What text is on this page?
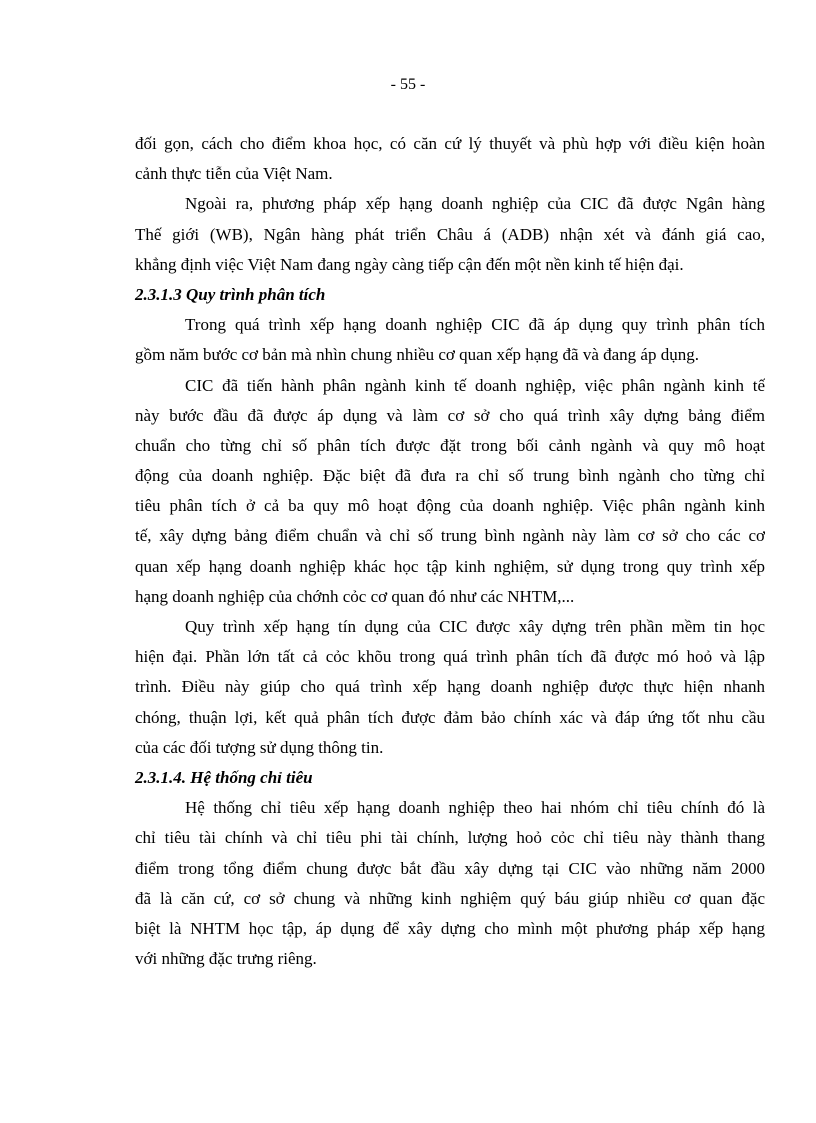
- 55 -
đối gọn, cách cho điểm khoa học, có căn cứ lý thuyết và phù hợp với điều kiện hoàn
cảnh thực tiễn của Việt Nam.
Ngoài ra, phương pháp xếp hạng doanh nghiệp của CIC đã được Ngân hàng
Thế giới (WB), Ngân hàng phát triển Châu á (ADB) nhận xét và đánh giá cao,
khẳng định việc Việt Nam đang ngày càng tiếp cận đến một nền kinh tế hiện đại.
2.3.1.3 Quy trình phân tích
Trong quá trình xếp hạng doanh nghiệp CIC đã áp dụng quy trình phân tích
gồm năm bước cơ bản mà nhìn chung nhiều cơ quan xếp hạng đã và đang áp dụng.
CIC đã tiến hành phân ngành kinh tế doanh nghiệp, việc phân ngành kinh tế
này bước đầu đã được áp dụng và làm cơ sở cho quá trình xây dựng bảng điểm
chuẩn cho từng chỉ số phân tích được đặt trong bối cảnh ngành và quy mô hoạt
động của doanh nghiệp. Đặc biệt đã đưa ra chỉ số trung bình ngành cho từng chỉ
tiêu phân tích ở cả ba quy mô hoạt động của doanh nghiệp. Việc phân ngành kinh
tế, xây dựng bảng điểm chuẩn và chỉ số trung bình ngành này làm cơ sở cho các cơ
quan xếp hạng doanh nghiệp khác học tập kinh nghiệm, sử dụng trong quy trình xếp
hạng doanh nghiệp của chớnh cỏc cơ quan đó như các NHTM,...
Quy trình xếp hạng tín dụng của CIC được xây dựng trên phần mềm tin học
hiện đại. Phần lớn tất cả cỏc khõu trong quá trình phân tích đã được mó hoỏ và lập
trình. Điều này giúp cho quá trình xếp hạng doanh nghiệp được thực hiện nhanh
chóng, thuận lợi, kết quả phân tích được đảm bảo chính xác và đáp ứng tốt nhu cầu
của các đối tượng sử dụng thông tin.
2.3.1.4. Hệ thống chỉ tiêu
Hệ thống chỉ tiêu xếp hạng doanh nghiệp theo hai nhóm chỉ tiêu chính đó là
chỉ tiêu tài chính và chỉ tiêu phi tài chính, lượng hoỏ cỏc chỉ tiêu này thành thang
điểm trong tổng điểm chung được bắt đầu xây dựng tại CIC vào những năm 2000
đã là căn cứ, cơ sở chung và những kinh nghiệm quý báu giúp nhiều cơ quan đặc
biệt là NHTM học tập, áp dụng để xây dựng cho mình một phương pháp xếp hạng
với những đặc trưng riêng.
